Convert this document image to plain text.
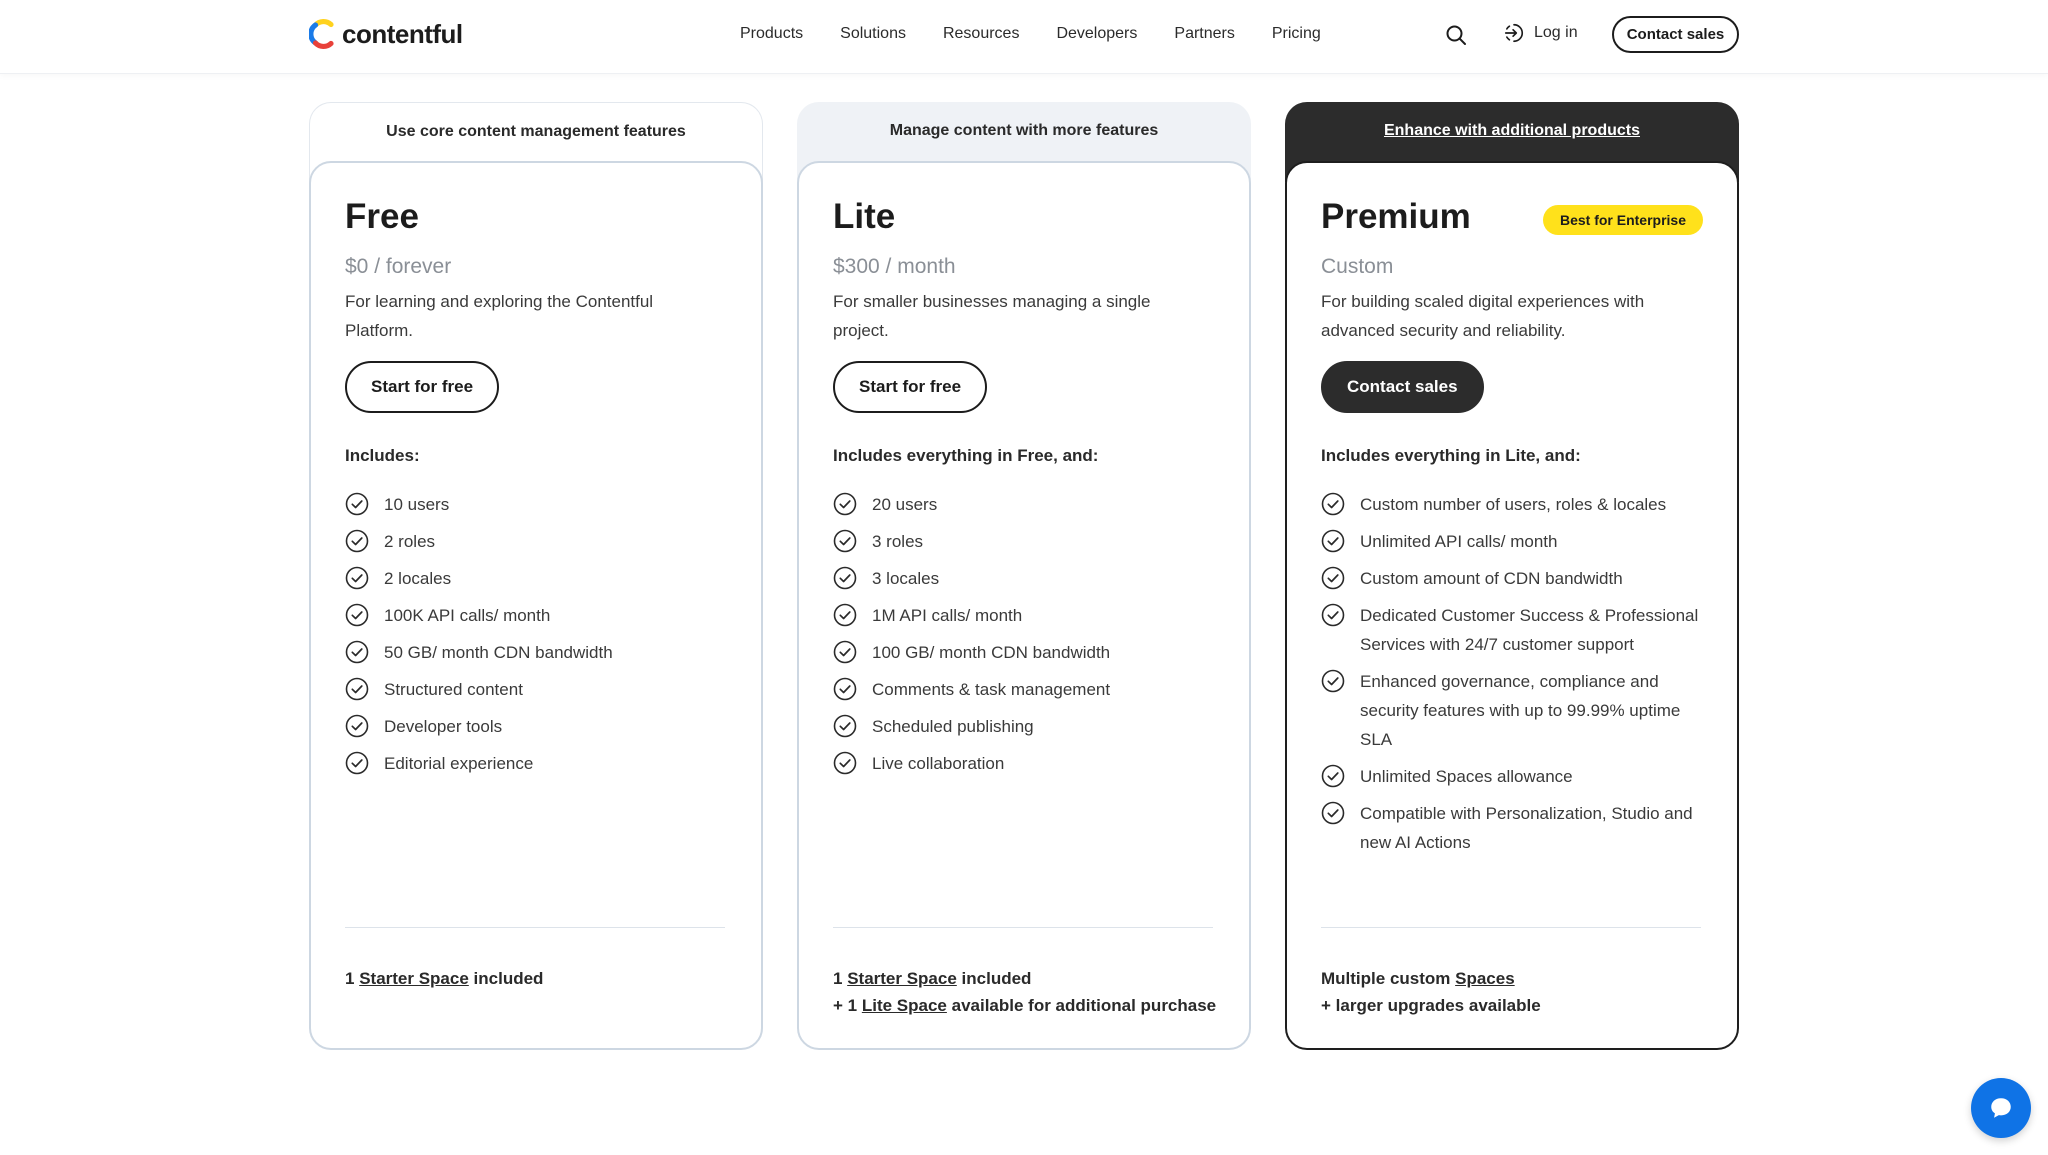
contentful	Products Solutions Resources Developers Partners Pricing	Log in	Contact sales
Use core content management features
Free
$0 / forever
For learning and exploring the Contentful Platform.
Start for free
Includes:
10 users
2 roles
2 locales
100K API calls/ month
50 GB/ month CDN bandwidth
Structured content
Developer tools
Editorial experience
1 Starter Space included
Manage content with more features
Lite
$300 / month
For smaller businesses managing a single project.
Start for free
Includes everything in Free, and:
20 users
3 roles
3 locales
1M API calls/ month
100 GB/ month CDN bandwidth
Comments & task management
Scheduled publishing
Live collaboration
1 Starter Space included
+ 1 Lite Space available for additional purchase
Enhance with additional products
Premium	Best for Enterprise
Custom
For building scaled digital experiences with advanced security and reliability.
Contact sales
Includes everything in Lite, and:
Custom number of users, roles & locales
Unlimited API calls/ month
Custom amount of CDN bandwidth
Dedicated Customer Success & Professional Services with 24/7 customer support
Enhanced governance, compliance and security features with up to 99.99% uptime SLA
Unlimited Spaces allowance
Compatible with Personalization, Studio and new AI Actions
Multiple custom Spaces
+ larger upgrades available
